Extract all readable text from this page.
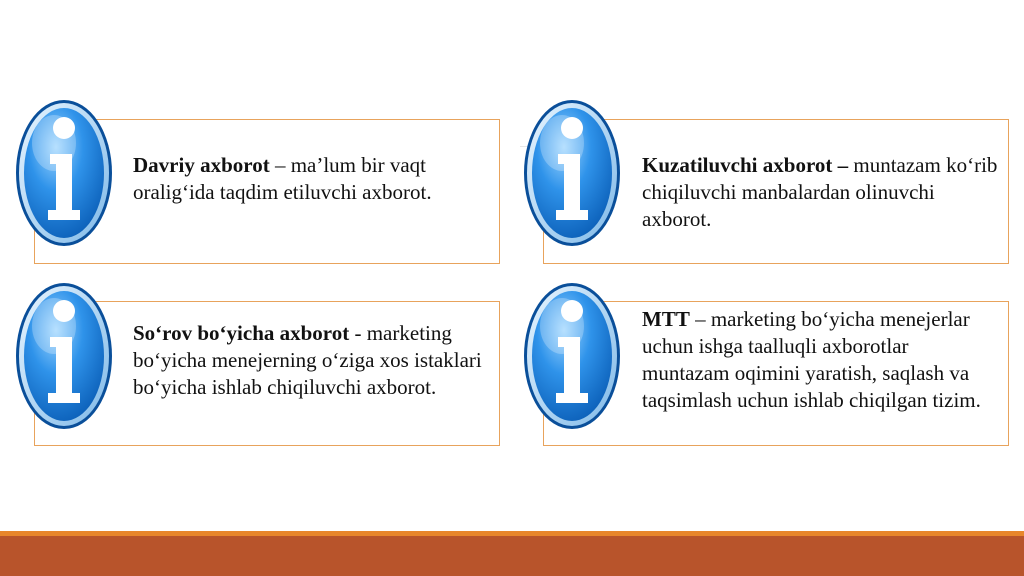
Davriy axborot – ma’lum bir vaqt oralig‘ida taqdim etiluvchi axborot.
Kuzatiluvchi axborot – muntazam ko‘rib chiqiluvchi manbalardan olinuvchi axborot.
So‘rov bo‘yicha axborot - marketing bo‘yicha menejerning o‘ziga xos istaklari bo‘yicha ishlab chiqiluvchi axborot.
MTT – marketing bo‘yicha menejerlar uchun ishga taalluqli axborotlar muntazam oqimini yaratish, saqlash va taqsimlash uchun ishlab chiqilgan tizim.
